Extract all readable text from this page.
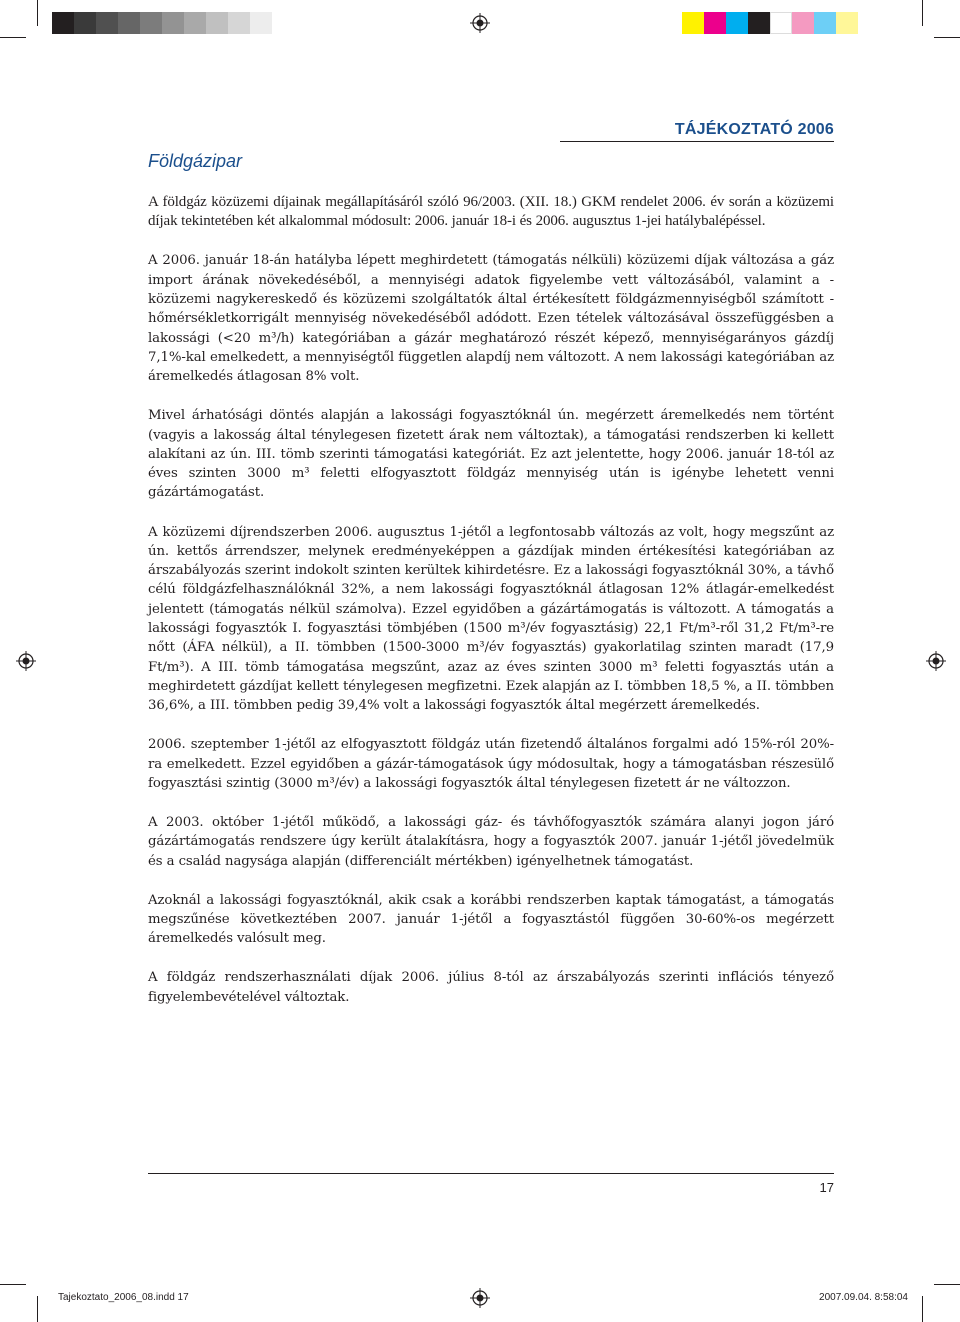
TÁJÉKOZTATÓ 2006
Földgázipar

A földgáz közüzemi díjainak megállapításáról szóló 96/2003. (XII. 18.) GKM rendelet 2006. év során a közüzemi díjak tekintetében két alkalommal módosult: 2006. január 18-i és 2006. augusztus 1-jei hatálybalépéssel.

A 2006. január 18-án hatályba lépett meghirdetett (támogatás nélküli) közüzemi díjak változása a gáz import árának növekedéséből, a mennyiségi adatok figyelembe vett változásából, valamint a - közüzemi nagykereskedő és közüzemi szolgáltatók által értékesített földgázmennyiségből számított - hőmérsékletkorrigált mennyiség növekedéséből adódott. Ezen tételek változásával összefüggésben a lakossági (<20 m³/h) kategóriában a gázár meghatározó részét képező, mennyiségarányos gázdíj 7,1%-kal emelkedett, a mennyiségtől független alapdíj nem változott. A nem lakossági kategóriában az áremelkedés átlagosan 8% volt.

Mivel árhatósági döntés alapján a lakossági fogyasztóknál ún. megérzett áremelkedés nem történt (vagyis a lakosság által ténylegesen fizetett árak nem változtak), a támogatási rendszerben ki kellett alakítani az ún. III. tömb szerinti támogatási kategóriát. Ez azt jelentette, hogy 2006. január 18-tól az éves szinten 3000 m³ feletti elfogyasztott földgáz mennyiség után is igénybe lehetett venni gázártámogatást.

A közüzemi díjrendszerben 2006. augusztus 1-jétől a legfontosabb változás az volt, hogy megszűnt az ún. kettős árrendszer, melynek eredményeképpen a gázdíjak minden értékesítési kategóriában az árszabályozás szerint indokolt szinten kerültek kihirdetésre. Ez a lakossági fogyasztóknál 30%, a távhő célú földgázfelhasználóknál 32%, a nem lakossági fogyasztóknál átlagosan 12% átlagár-emelkedést jelentett (támogatás nélkül számolva). Ezzel egyidőben a gázártámogatás is változott. A támogatás a lakossági fogyasztók I. fogyasztási tömbjében (1500 m³/év fogyasztásig) 22,1 Ft/m³-ről 31,2 Ft/m³-re nőtt (ÁFA nélkül), a II. tömbben (1500-3000 m³/év fogyasztás) gyakorlatilag szinten maradt (17,9 Ft/m³). A III. tömb támogatása megszűnt, azaz az éves szinten 3000 m³ feletti fogyasztás után a meghirdetett gázdíjat kellett ténylegesen megfizetni. Ezek alapján az I. tömbben 18,5 %, a II. tömbben 36,6%, a III. tömbben pedig 39,4% volt a lakossági fogyasztók által megérzett áremelkedés.

2006. szeptember 1-jétől az elfogyasztott földgáz után fizetendő általános forgalmi adó 15%-ról 20%-ra emelkedett. Ezzel egyidőben a gázár-támogatások úgy módosultak, hogy a támogatásban részesülő fogyasztási szintig (3000 m³/év) a lakossági fogyasztók által ténylegesen fizetett ár ne változzon.

A 2003. október 1-jétől működő, a lakossági gáz- és távhőfogyasztók számára alanyi jogon járó gázártámogatás rendszere úgy került átalakításra, hogy a fogyasztók 2007. január 1-jétől jövedelmük és a család nagysága alapján (differenciált mértékben) igényelhetnek támogatást.

Azoknál a lakossági fogyasztóknál, akik csak a korábbi rendszerben kaptak támogatást, a támogatás megszűnése következtében 2007. január 1-jétől a fogyasztástól függően 30-60%-os megérzett áremelkedés valósult meg.

A földgáz rendszerhasználati díjak 2006. július 8-tól az árszabályozás szerinti inflációs tényező figyelembevételével változtak.

17
Tajekoztato_2006_08.indd 17	2007.09.04. 8:58:04
